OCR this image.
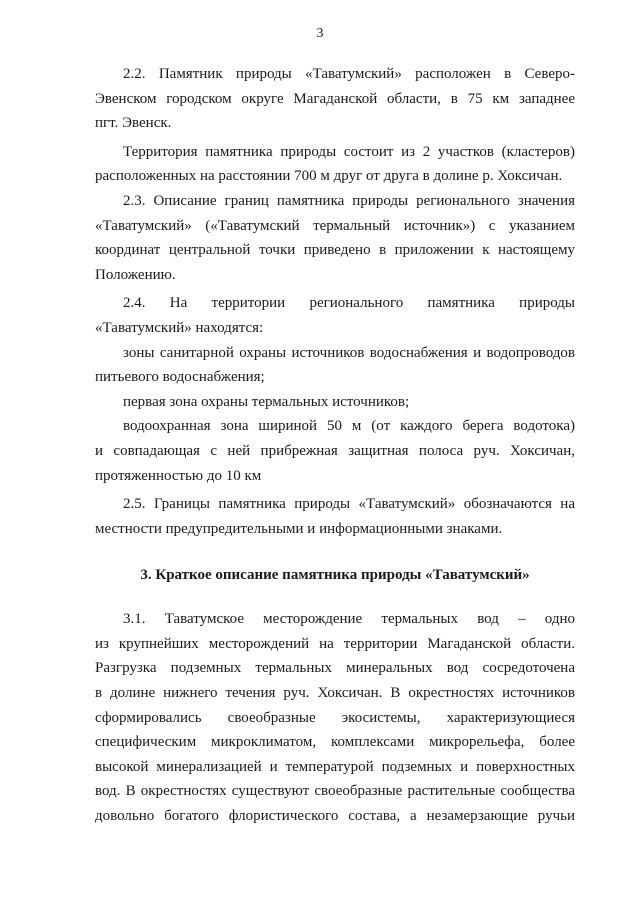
3

2.2. Памятник природы «Таватумский» расположен в Северо-
Эвенском городском округе Магаданской области, в 75 км западнее
пгт. Эвенск.

Территория памятника природы состоит из 2 участков (кластеров)
расположенных на расстоянии 700 м друг от друга в долине р. Хоксичан.

2.3. Описание границ памятника природы регионального значения
«Таватумский» («Таватумский термальный источник») с указанием
координат центральной точки приведено в приложении к настоящему
Положению.

2.4. На территории регионального памятника природы
«Таватумский» находятся:

зоны санитарной охраны источников водоснабжения и водопроводов
питьевого водоснабжения;

первая зона охраны термальных источников;

водоохранная зона шириной 50 м (от каждого берега водотока)
и совпадающая с ней прибрежная защитная полоса руч. Хоксичан,
протяженностью до 10 км

2.5. Границы памятника природы «Таватумский» обозначаются на
местности предупредительными и информационными знаками.

3. Краткое описание памятника природы «Таватумский»

3.1. Таватумское месторождение термальных вод – одно
из крупнейших месторождений на территории Магаданской области.
Разгрузка подземных термальных минеральных вод сосредоточена
в долине нижнего течения руч. Хоксичан. В окрестностях источников
сформировались своеобразные экосистемы, характеризующиеся
специфическим микроклиматом, комплексами микрорельефа, более
высокой минерализацией и температурой подземных и поверхностных
вод. В окрестностях существуют своеобразные растительные сообщества
довольно богатого флористического состава, а незамерзающие ручьи
